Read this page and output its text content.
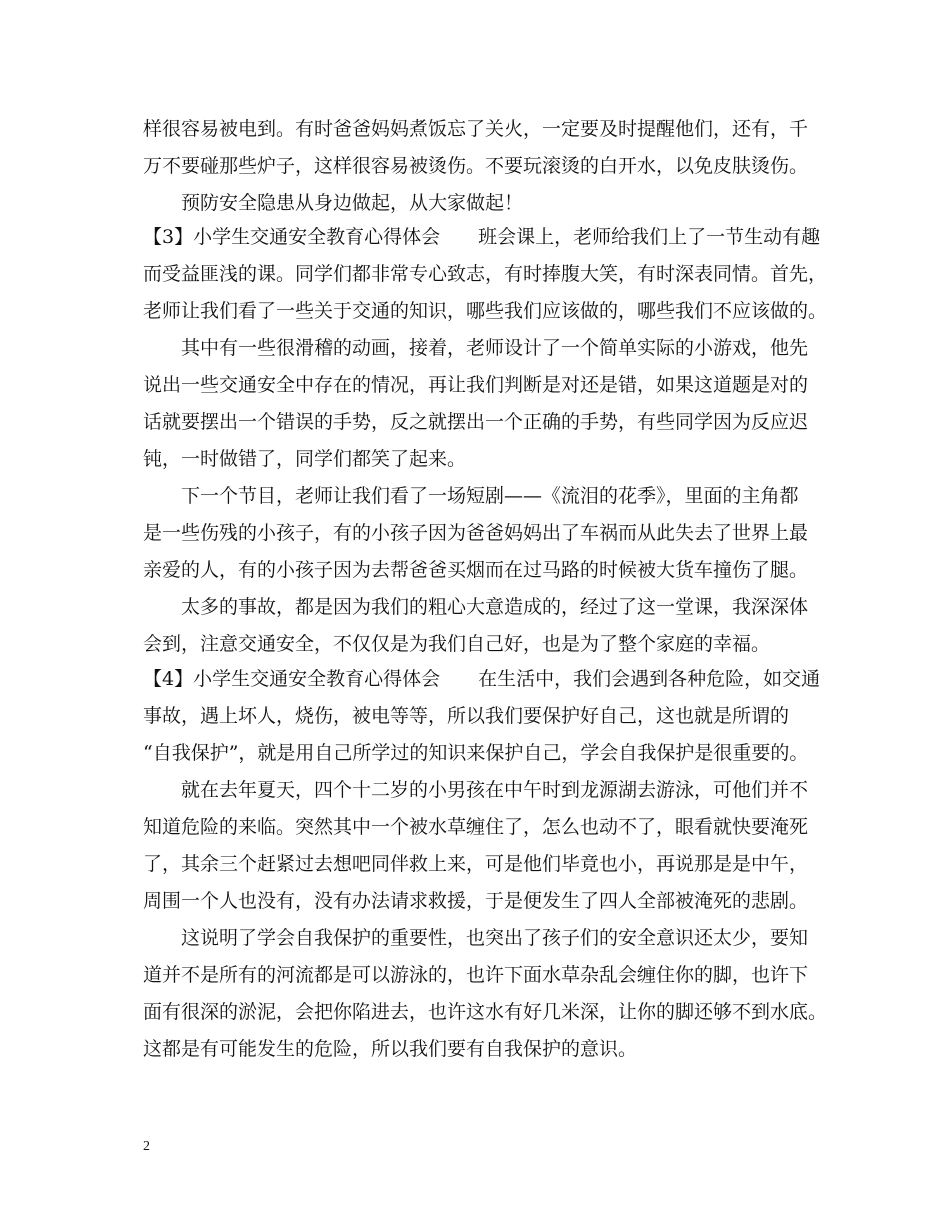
样很容易被电到。有时爸爸妈妈煮饭忘了关火，一定要及时提醒他们，还有，千
万不要碰那些炉子，这样很容易被烫伤。不要玩滚烫的白开水，以免皮肤烫伤。
　　预防安全隐患从身边做起，从大家做起！
【3】小学生交通安全教育心得体会　　班会课上，老师给我们上了一节生动有趣
而受益匪浅的课。同学们都非常专心致志，有时捧腹大笑，有时深表同情。首先，
老师让我们看了一些关于交通的知识，哪些我们应该做的，哪些我们不应该做的。
　　其中有一些很滑稽的动画，接着，老师设计了一个简单实际的小游戏，他先
说出一些交通安全中存在的情况，再让我们判断是对还是错，如果这道题是对的
话就要摆出一个错误的手势，反之就摆出一个正确的手势，有些同学因为反应迟
钝，一时做错了，同学们都笑了起来。
　　下一个节目，老师让我们看了一场短剧——《流泪的花季》，里面的主角都
是一些伤残的小孩子，有的小孩子因为爸爸妈妈出了车祸而从此失去了世界上最
亲爱的人，有的小孩子因为去帮爸爸买烟而在过马路的时候被大货车撞伤了腿。
　　太多的事故，都是因为我们的粗心大意造成的，经过了这一堂课，我深深体
会到，注意交通安全，不仅仅是为我们自己好，也是为了整个家庭的幸福。
【4】小学生交通安全教育心得体会　　在生活中，我们会遇到各种危险，如交通
事故，遇上坏人，烧伤，被电等等，所以我们要保护好自己，这也就是所谓的
“自我保护”，就是用自己所学过的知识来保护自己，学会自我保护是很重要的。
　　就在去年夏天，四个十二岁的小男孩在中午时到龙源湖去游泳，可他们并不
知道危险的来临。突然其中一个被水草缠住了，怎么也动不了，眼看就快要淹死
了，其余三个赶紧过去想吧同伴救上来，可是他们毕竟也小，再说那是是中午，
周围一个人也没有，没有办法请求救援，于是便发生了四人全部被淹死的悲剧。
　　这说明了学会自我保护的重要性，也突出了孩子们的安全意识还太少，要知
道并不是所有的河流都是可以游泳的，也许下面水草杂乱会缠住你的脚，也许下
面有很深的淤泥，会把你陷进去，也许这水有好几米深，让你的脚还够不到水底。
这都是有可能发生的危险，所以我们要有自我保护的意识。
2
